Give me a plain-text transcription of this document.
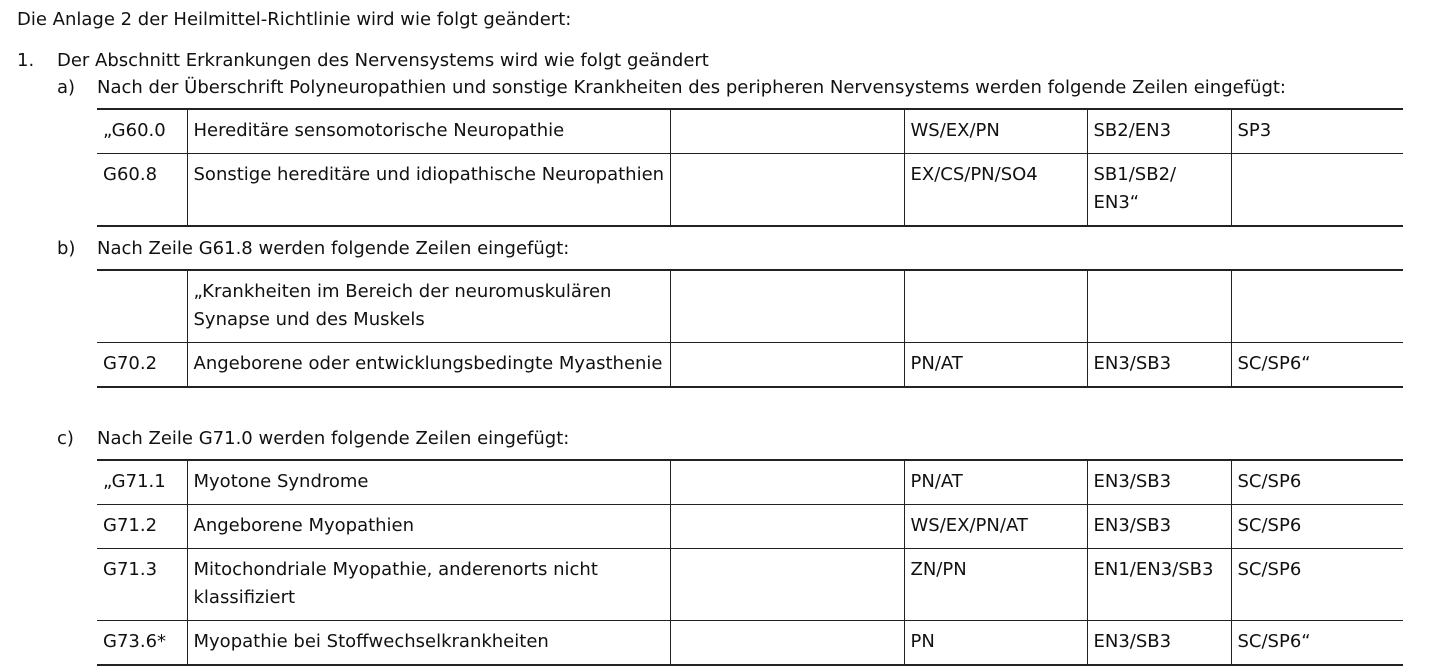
Die Anlage 2 der Heilmittel-Richtlinie wird wie folgt geändert:
1. Der Abschnitt Erkrankungen des Nervensystems wird wie folgt geändert
a) Nach der Überschrift Polyneuropathien und sonstige Krankheiten des peripheren Nervensystems werden folgende Zeilen eingefügt:
„G60.0	Hereditäre sensomotorische Neuropathie		WS/EX/PN	SB2/EN3	SP3
G60.8	Sonstige hereditäre und idiopathische Neuropathien		EX/CS/PN/SO4	SB1/SB2/ EN3“	
b) Nach Zeile G61.8 werden folgende Zeilen eingefügt:
	„Krankheiten im Bereich der neuromuskulären Synapse und des Muskels				
G70.2	Angeborene oder entwicklungsbedingte Myasthenie		PN/AT	EN3/SB3	SC/SP6“
c) Nach Zeile G71.0 werden folgende Zeilen eingefügt:
„G71.1	Myotone Syndrome		PN/AT	EN3/SB3	SC/SP6
G71.2	Angeborene Myopathien		WS/EX/PN/AT	EN3/SB3	SC/SP6
G71.3	Mitochondriale Myopathie, anderenorts nicht klassifiziert		ZN/PN	EN1/EN3/SB3	SC/SP6
G73.6*	Myopathie bei Stoffwechselkrankheiten		PN	EN3/SB3	SC/SP6“
